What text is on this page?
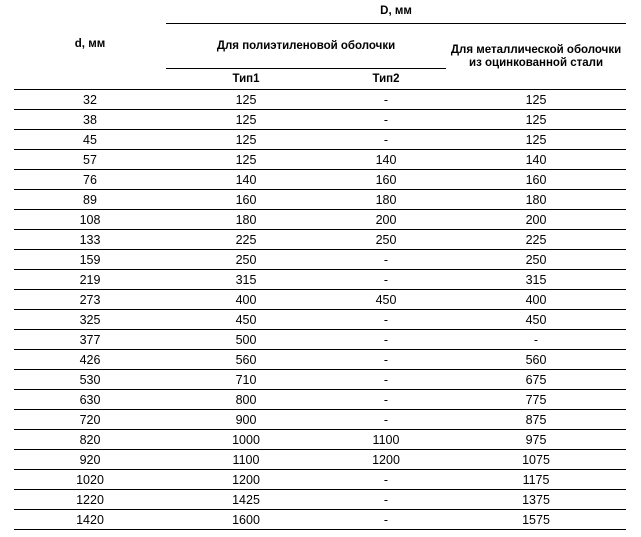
d, мм	D, мм		
	Для полиэтиленовой оболочки		Для металлической оболочки из оцинкованной стали
	Тип1	Тип2	
32	125	-	125
38	125	-	125
45	125	-	125
57	125	140	140
76	140	160	160
89	160	180	180
108	180	200	200
133	225	250	225
159	250	-	250
219	315	-	315
273	400	450	400
325	450	-	450
377	500	-	-
426	560	-	560
530	710	-	675
630	800	-	775
720	900	-	875
820	1000	1100	975
920	1100	1200	1075
1020	1200	-	1175
1220	1425	-	1375
1420	1600	-	1575
